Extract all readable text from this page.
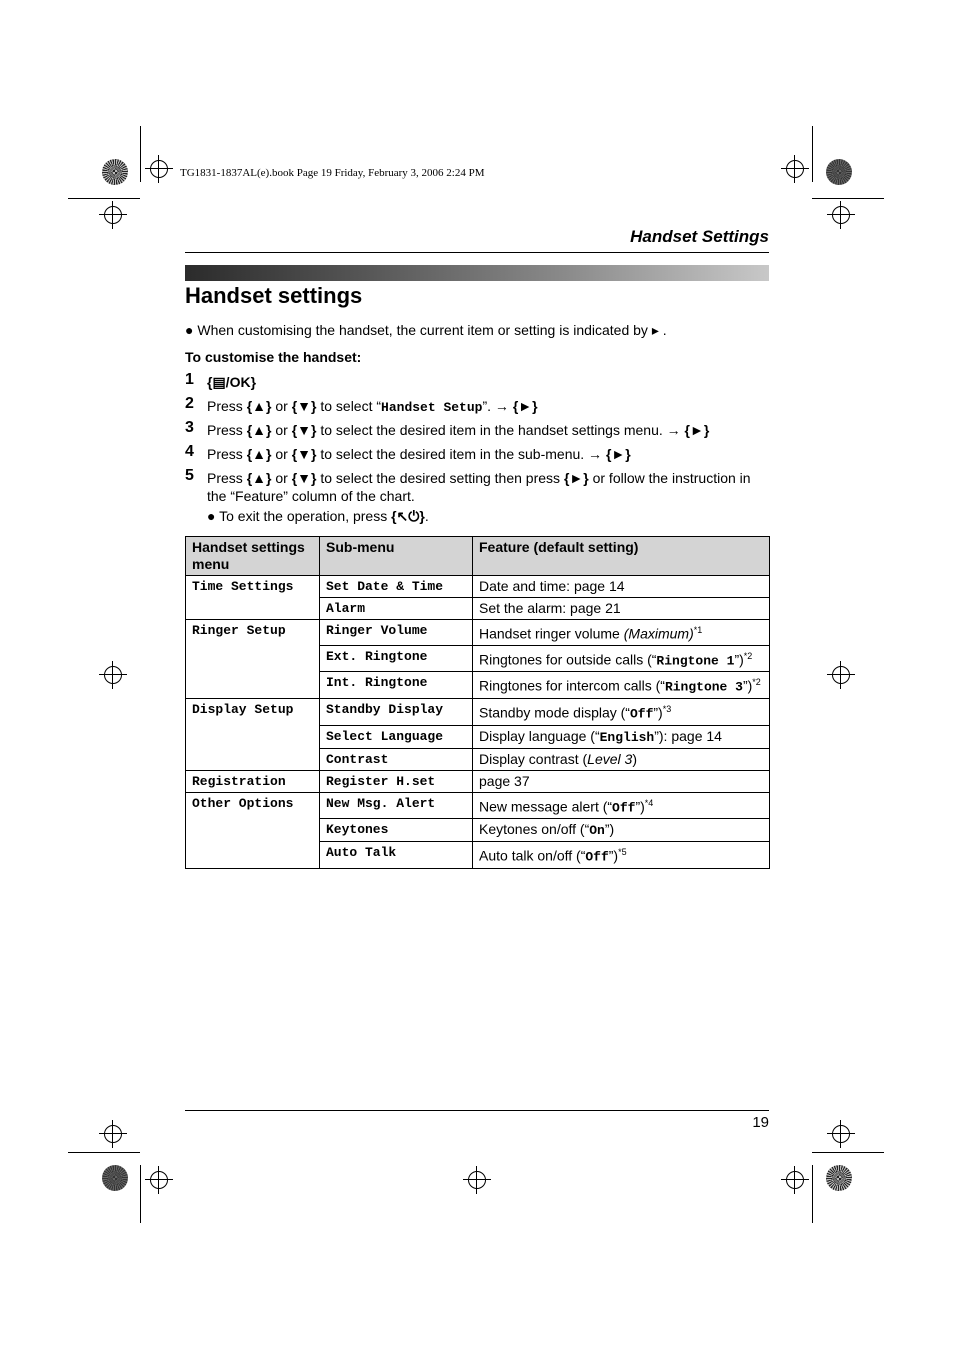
TG1831-1837AL(e).book Page 19 Friday, February 3, 2006 2:24 PM
Handset Settings
Handset settings
● When customising the handset, the current item or setting is indicated by ▸ .
To customise the handset:
1 {▤/OK}
2 Press {▲} or {▼} to select “Handset Setup”. → {►}
3 Press {▲} or {▼} to select the desired item in the handset settings menu. → {►}
4 Press {▲} or {▼} to select the desired item in the sub-menu. → {►}
5 Press {▲} or {▼} to select the desired setting then press {►} or follow the instruction in the “Feature” column of the chart.
● To exit the operation, press {↖⏻}.
Handset settings menu	Sub-menu	Feature (default setting)
Time Settings	Set Date & Time	Date and time: page 14
	Alarm	Set the alarm: page 21
Ringer Setup	Ringer Volume	Handset ringer volume (Maximum)$^{*1}$
	Ext. Ringtone	Ringtones for outside calls (“Ringtone 1”)$^{*2}$
	Int. Ringtone	Ringtones for intercom calls (“Ringtone 3”)$^{*2}$
Display Setup	Standby Display	Standby mode display (“Off”)$^{*3}$
	Select Language	Display language (“English”): page 14
	Contrast	Display contrast (Level 3)
Registration	Register H.set	page 37
Other Options	New Msg. Alert	New message alert (“Off”)$^{*4}$
	Keytones	Keytones on/off (“On”)
	Auto Talk	Auto talk on/off (“Off”)$^{*5}$
19
